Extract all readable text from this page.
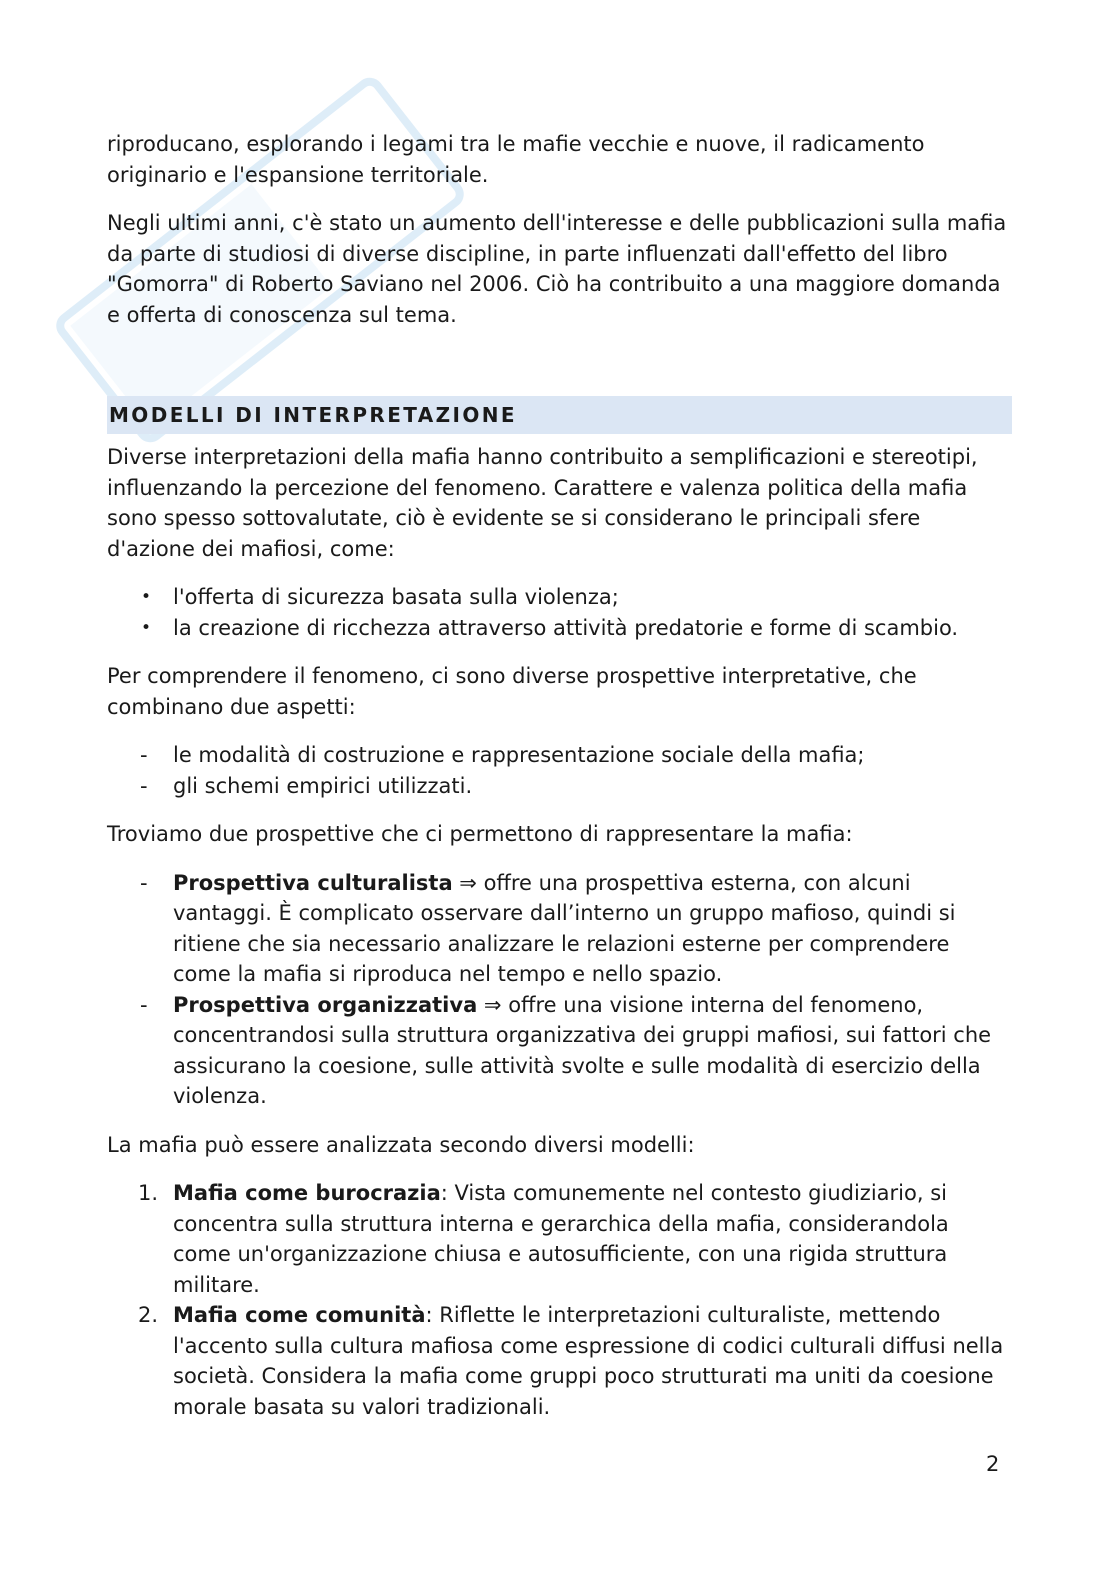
riproducano, esplorando i legami tra le mafie vecchie e nuove, il radicamento originario e l'espansione territoriale.

Negli ultimi anni, c'è stato un aumento dell'interesse e delle pubblicazioni sulla mafia da parte di studiosi di diverse discipline, in parte influenzati dall'effetto del libro "Gomorra" di Roberto Saviano nel 2006. Ciò ha contribuito a una maggiore domanda e offerta di conoscenza sul tema.

MODELLI DI INTERPRETAZIONE

Diverse interpretazioni della mafia hanno contribuito a semplificazioni e stereotipi, influenzando la percezione del fenomeno. Carattere e valenza politica della mafia sono spesso sottovalutate, ciò è evidente se si considerano le principali sfere d'azione dei mafiosi, come:

• l'offerta di sicurezza basata sulla violenza;
• la creazione di ricchezza attraverso attività predatorie e forme di scambio.

Per comprendere il fenomeno, ci sono diverse prospettive interpretative, che combinano due aspetti:

- le modalità di costruzione e rappresentazione sociale della mafia;
- gli schemi empirici utilizzati.

Troviamo due prospettive che ci permettono di rappresentare la mafia:

- Prospettiva culturalista ⇒ offre una prospettiva esterna, con alcuni vantaggi. È complicato osservare dall’interno un gruppo mafioso, quindi si ritiene che sia necessario analizzare le relazioni esterne per comprendere come la mafia si riproduca nel tempo e nello spazio.
- Prospettiva organizzativa ⇒ offre una visione interna del fenomeno, concentrandosi sulla struttura organizzativa dei gruppi mafiosi, sui fattori che assicurano la coesione, sulle attività svolte e sulle modalità di esercizio della violenza.

La mafia può essere analizzata secondo diversi modelli:

1. Mafia come burocrazia: Vista comunemente nel contesto giudiziario, si concentra sulla struttura interna e gerarchica della mafia, considerandola come un'organizzazione chiusa e autosufficiente, con una rigida struttura militare.
2. Mafia come comunità: Riflette le interpretazioni culturaliste, mettendo l'accento sulla cultura mafiosa come espressione di codici culturali diffusi nella società. Considera la mafia come gruppi poco strutturati ma uniti da coesione morale basata su valori tradizionali.
2
